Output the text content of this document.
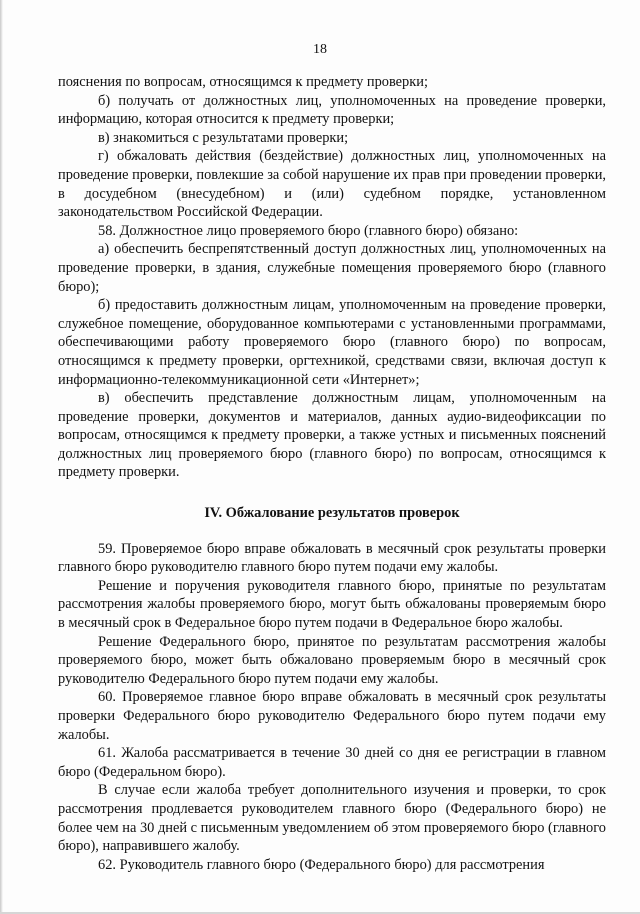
18

пояснения по вопросам, относящимся к предмету проверки;

б) получать от должностных лиц, уполномоченных на проведение проверки, информацию, которая относится к предмету проверки;

в) знакомиться с результатами проверки;

г) обжаловать действия (бездействие) должностных лиц, уполномоченных на проведение проверки, повлекшие за собой нарушение их прав при проведении проверки, в досудебном (внесудебном) и (или) судебном порядке, установленном законодательством Российской Федерации.

58. Должностное лицо проверяемого бюро (главного бюро) обязано:

а) обеспечить беспрепятственный доступ должностных лиц, уполномоченных на проведение проверки, в здания, служебные помещения проверяемого бюро (главного бюро);

б) предоставить должностным лицам, уполномоченным на проведение проверки, служебное помещение, оборудованное компьютерами с установленными программами, обеспечивающими работу проверяемого бюро (главного бюро) по вопросам, относящимся к предмету проверки, оргтехникой, средствами связи, включая доступ к информационно-телекоммуникационной сети «Интернет»;

в) обеспечить представление должностным лицам, уполномоченным на проведение проверки, документов и материалов, данных аудио-видеофиксации по вопросам, относящимся к предмету проверки, а также устных и письменных пояснений должностных лиц проверяемого бюро (главного бюро) по вопросам, относящимся к предмету проверки.

IV. Обжалование результатов проверок

59. Проверяемое бюро вправе обжаловать в месячный срок результаты проверки главного бюро руководителю главного бюро путем подачи ему жалобы.

Решение и поручения руководителя главного бюро, принятые по результатам рассмотрения жалобы проверяемого бюро, могут быть обжалованы проверяемым бюро в месячный срок в Федеральное бюро путем подачи в Федеральное бюро жалобы.

Решение Федерального бюро, принятое по результатам рассмотрения жалобы проверяемого бюро, может быть обжаловано проверяемым бюро в месячный срок руководителю Федерального бюро путем подачи ему жалобы.

60. Проверяемое главное бюро вправе обжаловать в месячный срок результаты проверки Федерального бюро руководителю Федерального бюро путем подачи ему жалобы.

61. Жалоба рассматривается в течение 30 дней со дня ее регистрации в главном бюро (Федеральном бюро).

В случае если жалоба требует дополнительного изучения и проверки, то срок рассмотрения продлевается руководителем главного бюро (Федерального бюро) не более чем на 30 дней с письменным уведомлением об этом проверяемого бюро (главного бюро), направившего жалобу.

62. Руководитель главного бюро (Федерального бюро) для рассмотрения
